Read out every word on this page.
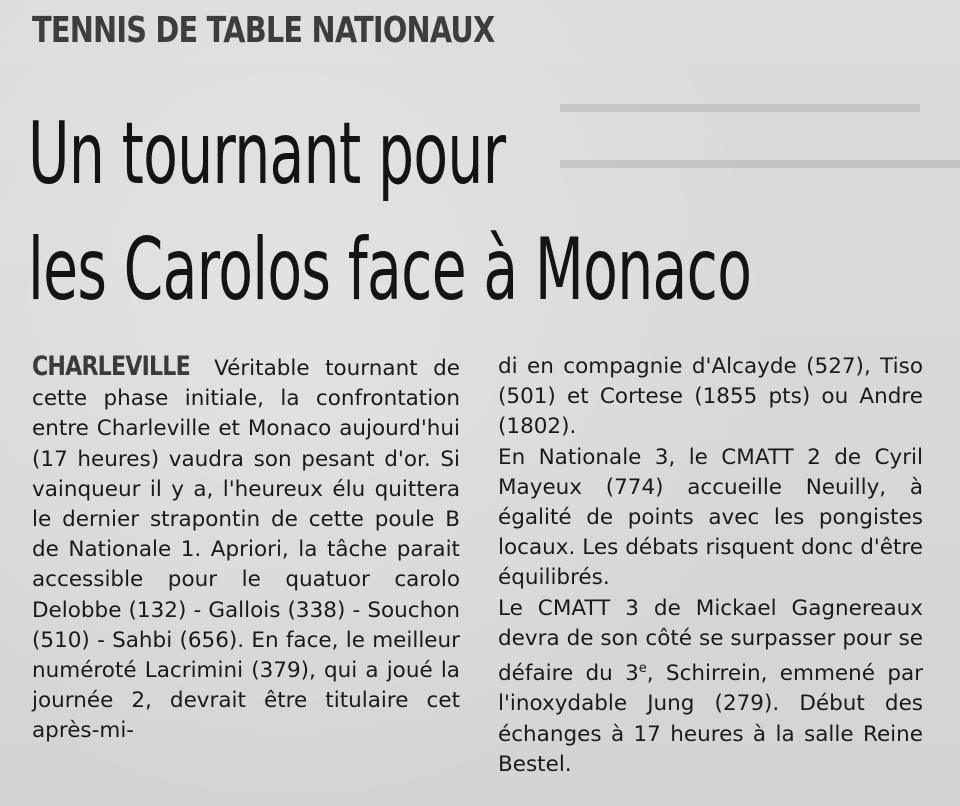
TENNIS DE TABLE NATIONAUX
Un tournant pour
les Carolos face à Monaco

CHARLEVILLE Véritable tournant de cette phase initiale, la confrontation entre Charleville et Monaco aujourd'hui (17 heures) vaudra son pesant d'or. Si vainqueur il y a, l'heureux élu quittera le dernier strapontin de cette poule B de Nationale 1. Apriori, la tâche parait accessible pour le quatuor carolo Delobbe (132) - Gallois (338) - Souchon (510) - Sahbi (656). En face, le meilleur numéroté Lacrimini (379), qui a joué la journée 2, devrait être titulaire cet après-mi-

di en compagnie d'Alcayde (527), Tiso (501) et Cortese (1855 pts) ou Andre (1802).

En Nationale 3, le CMATT 2 de Cyril Mayeux (774) accueille Neuilly, à égalité de points avec les pongistes locaux. Les débats risquent donc d'être équilibrés.

Le CMATT 3 de Mickael Gagnereaux devra de son côté se surpasser pour se défaire du 3e, Schirrein, emmené par l'inoxydable Jung (279). Début des échanges à 17 heures à la salle Reine Bestel.
